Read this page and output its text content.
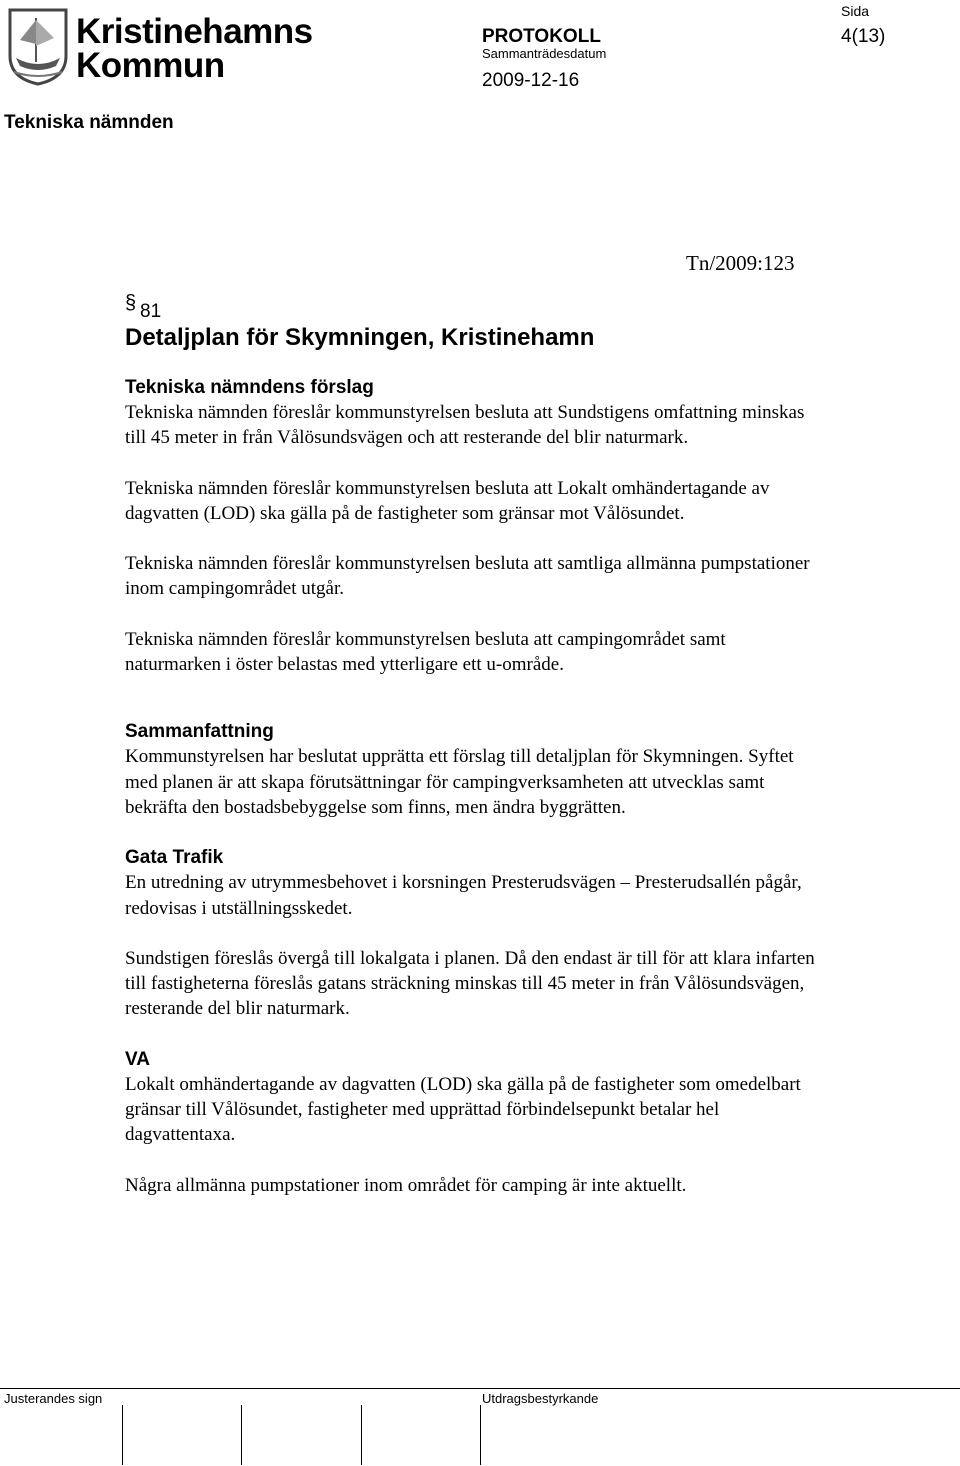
Kristinehamns
Kommun
PROTOKOLL
Sida
4(13)
Sammanträdesdatum
2009-12-16
Tekniska nämnden
Tn/2009:123
§ 81
Detaljplan för Skymningen, Kristinehamn
Tekniska nämndens förslag

Tekniska nämnden föreslår kommunstyrelsen besluta att Sundstigens omfattning minskas till 45 meter in från Vålösundsvägen och att resterande del blir naturmark.

Tekniska nämnden föreslår kommunstyrelsen besluta att Lokalt omhändertagande av dagvatten (LOD) ska gälla på de fastigheter som gränsar mot Vålösundet.

Tekniska nämnden föreslår kommunstyrelsen besluta att samtliga allmänna pumpstationer inom campingområdet utgår.

Tekniska nämnden föreslår kommunstyrelsen besluta att campingområdet samt naturmarken i öster belastas med ytterligare ett u-område.

Sammanfattning

Kommunstyrelsen har beslutat upprätta ett förslag till detaljplan för Skymningen. Syftet med planen är att skapa förutsättningar för campingverksamheten att utvecklas samt bekräfta den bostadsbebyggelse som finns, men ändra byggrätten.

Gata Trafik

En utredning av utrymmesbehovet i korsningen Presterudsvägen – Presterudsallén pågår, redovisas i utställningsskedet.

Sundstigen föreslås övergå till lokalgata i planen. Då den endast är till för att klara infarten till fastigheterna föreslås gatans sträckning minskas till 45 meter in från Vålösundsvägen, resterande del blir naturmark.

VA

Lokalt omhändertagande av dagvatten (LOD) ska gälla på de fastigheter som omedelbart gränsar till Vålösundet, fastigheter med upprättad förbindelsepunkt betalar hel dagvattentaxa.

Några allmänna pumpstationer inom området för camping är inte aktuellt.

Justerandes sign	Utdragsbestyrkande
